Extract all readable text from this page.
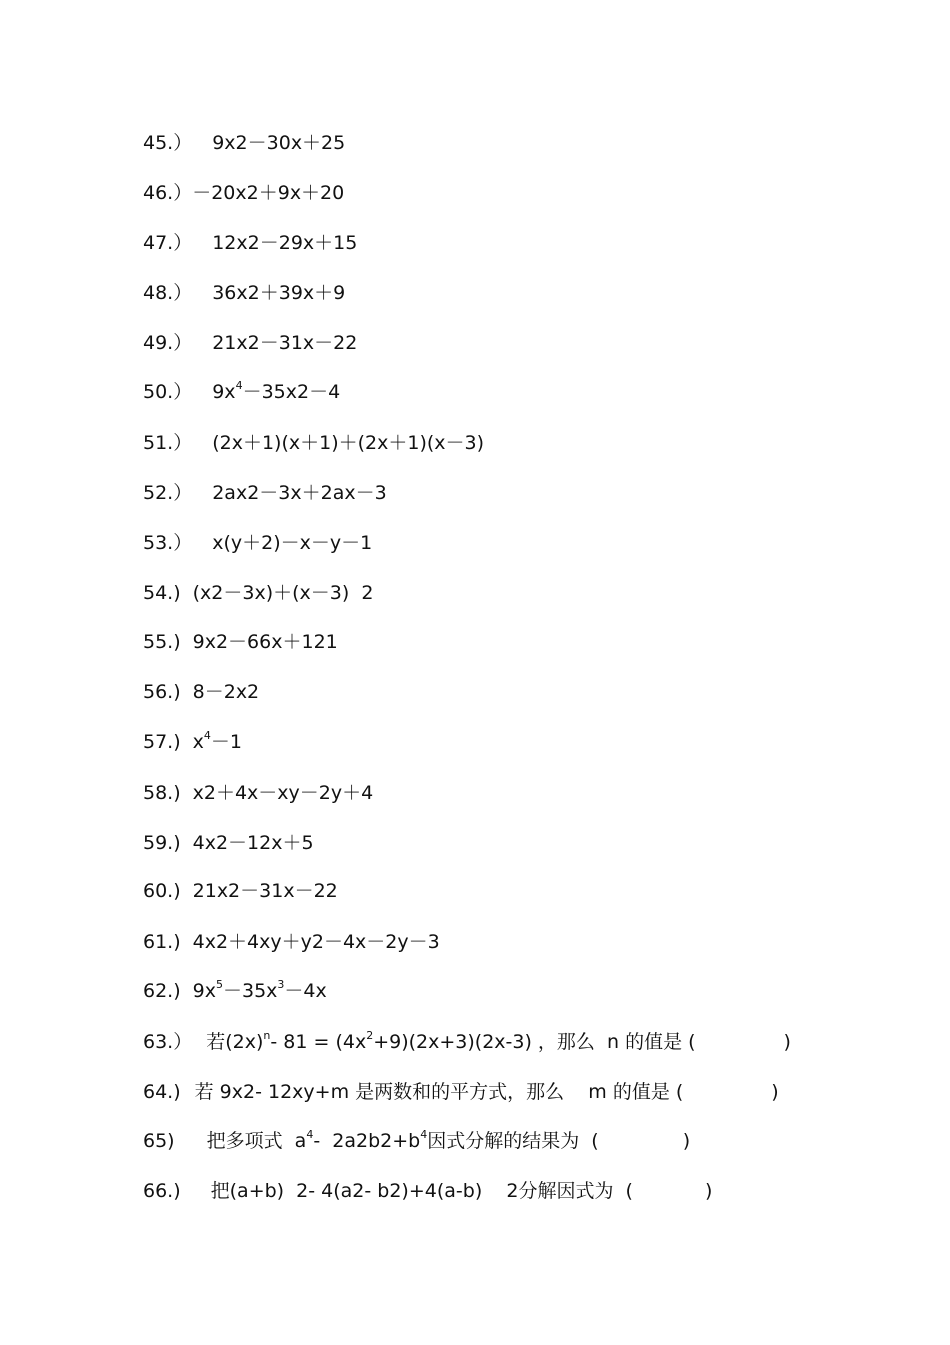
45.） 9x2－30x＋25
46.）－20x2＋9x＋20
47.） 12x2－29x＋15
48.） 36x2＋39x＋9
49.） 21x2－31x－22
50.） $9x^4-35x2-4$
51.） (2x＋1)(x＋1)＋(2x＋1)(x－3)
52.） 2ax2－3x＋2ax－3
53.） x(y＋2)－x－y－1
54.) (x2－3x)＋(x－3)  2
55.) 9x2－66x＋121
56.) 8－2x2
57.) $x^4-1$
58.) x2＋4x－xy－2y＋4
59.) 4x2－12x＋5
60.) 21x2－31x－22
61.) 4x2＋4xy＋y2－4x－2y－3
62.) $9x^5-35x^3-4x$
63.） 若$(2x)^n-$ $81 = (4x^2+9)(2x+3)(2x-3)$ ，那么  n 的值是 (	)
64.) 若 9x2- 12xy+m 是两数和的平方式，那么    m 的值是 (	)
65) 把多项式  $a^4-$  $2a2b2+b^4$因式分解的结果为  (	)
66.) 把(a+b)  2- 4(a2- b2)+4(a-b)    2分解因式为  (	)
